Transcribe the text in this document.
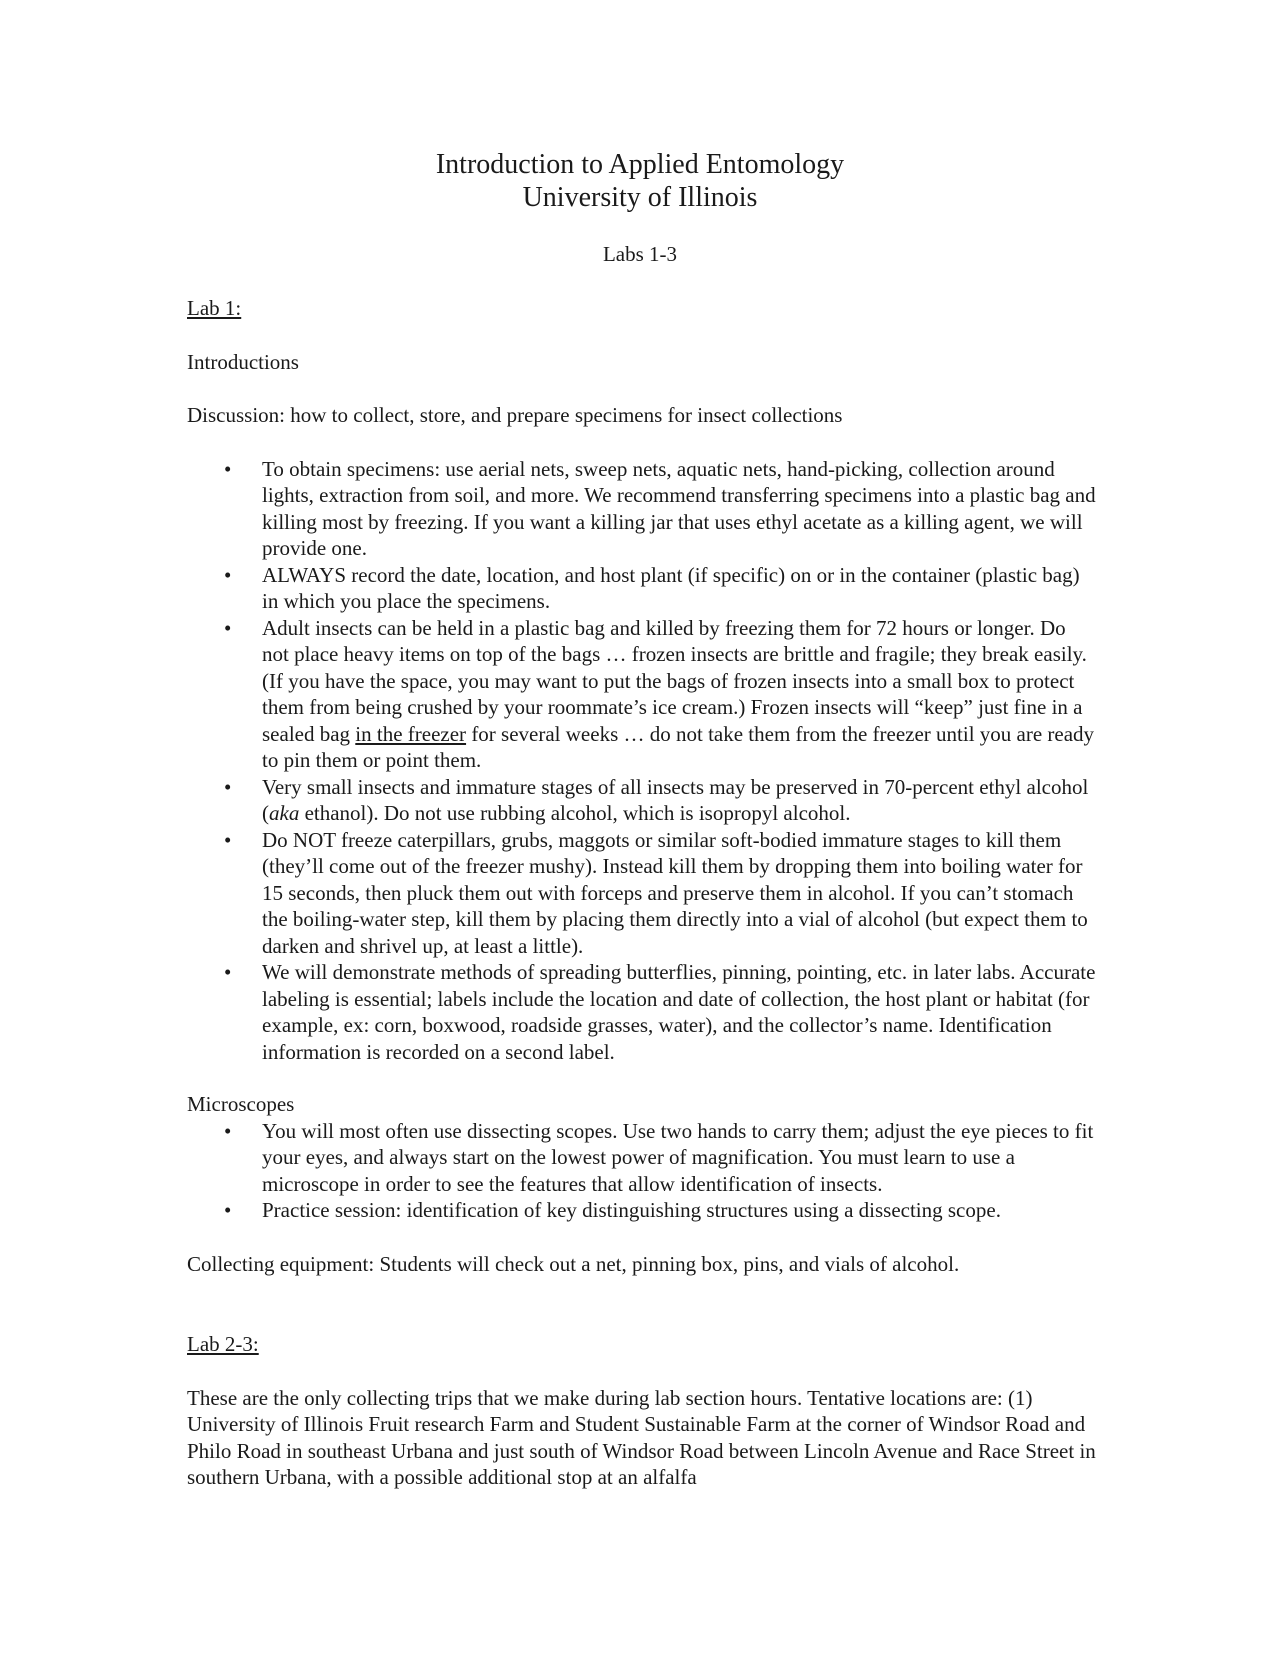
Introduction to Applied Entomology
University of Illinois
Labs 1-3

Lab 1:

Introductions

Discussion: how to collect, store, and prepare specimens for insect collections

• To obtain specimens: use aerial nets, sweep nets, aquatic nets, hand-picking, collection around lights, extraction from soil, and more. We recommend transferring specimens into a plastic bag and killing most by freezing. If you want a killing jar that uses ethyl acetate as a killing agent, we will provide one.
• ALWAYS record the date, location, and host plant (if specific) on or in the container (plastic bag) in which you place the specimens.
• Adult insects can be held in a plastic bag and killed by freezing them for 72 hours or longer. Do not place heavy items on top of the bags … frozen insects are brittle and fragile; they break easily. (If you have the space, you may want to put the bags of frozen insects into a small box to protect them from being crushed by your roommate’s ice cream.) Frozen insects will “keep” just fine in a sealed bag in the freezer for several weeks … do not take them from the freezer until you are ready to pin them or point them.
• Very small insects and immature stages of all insects may be preserved in 70-percent ethyl alcohol (aka ethanol). Do not use rubbing alcohol, which is isopropyl alcohol.
• Do NOT freeze caterpillars, grubs, maggots or similar soft-bodied immature stages to kill them (they’ll come out of the freezer mushy). Instead kill them by dropping them into boiling water for 15 seconds, then pluck them out with forceps and preserve them in alcohol. If you can’t stomach the boiling-water step, kill them by placing them directly into a vial of alcohol (but expect them to darken and shrivel up, at least a little).
• We will demonstrate methods of spreading butterflies, pinning, pointing, etc. in later labs. Accurate labeling is essential; labels include the location and date of collection, the host plant or habitat (for example, ex: corn, boxwood, roadside grasses, water), and the collector’s name. Identification information is recorded on a second label.

Microscopes

• You will most often use dissecting scopes. Use two hands to carry them; adjust the eye pieces to fit your eyes, and always start on the lowest power of magnification. You must learn to use a microscope in order to see the features that allow identification of insects.
• Practice session: identification of key distinguishing structures using a dissecting scope.

Collecting equipment: Students will check out a net, pinning box, pins, and vials of alcohol.

Lab 2-3:

These are the only collecting trips that we make during lab section hours. Tentative locations are: (1) University of Illinois Fruit research Farm and Student Sustainable Farm at the corner of Windsor Road and Philo Road in southeast Urbana and just south of Windsor Road between Lincoln Avenue and Race Street in southern Urbana, with a possible additional stop at an alfalfa
